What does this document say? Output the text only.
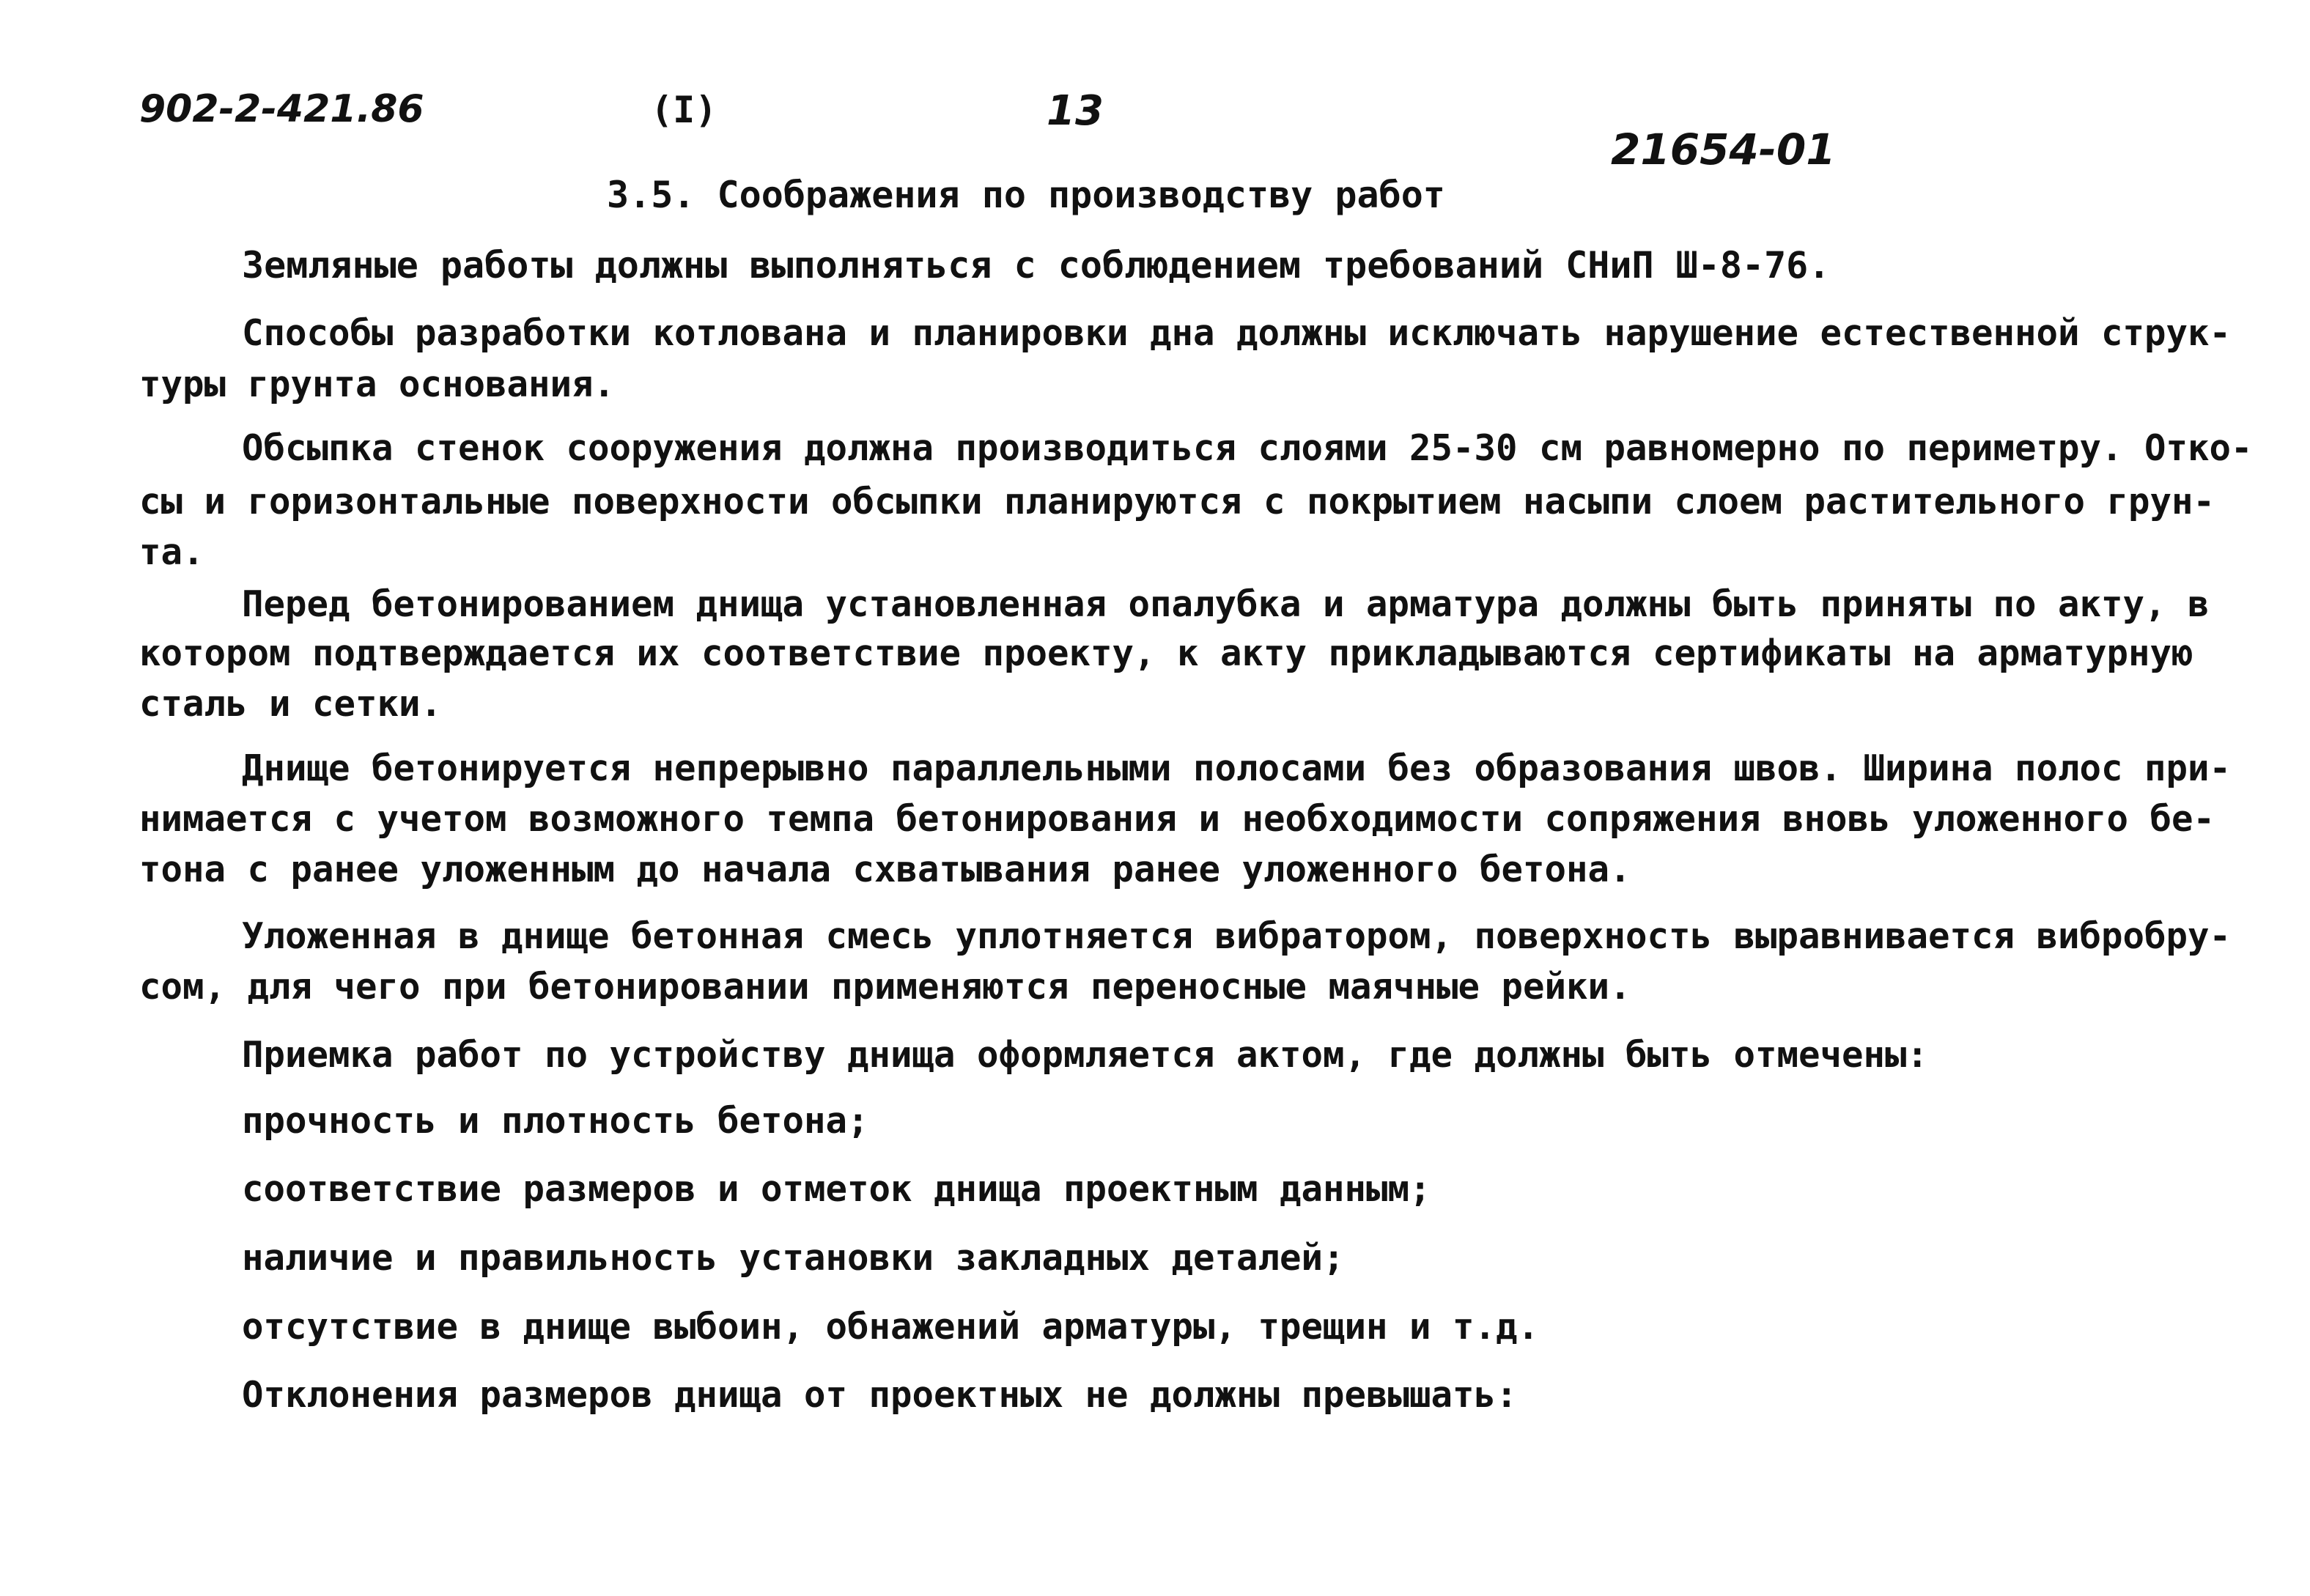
902-2-421.86	(I)	13
21654-01
3.5. Соображения по производству работ
Земляные работы должны выполняться с соблюдением требований СНиП Ш-8-76.
Способы разработки котлована и планировки дна должны исключать нарушение естественной струк-
туры грунта основания.
Обсыпка стенок сооружения должна производиться слоями 25-30 см равномерно по периметру. Отко-
сы и горизонтальные поверхности обсыпки планируются с покрытием насыпи слоем растительного грун-
та.
Перед бетонированием днища установленная опалубка и арматура должны быть приняты по акту, в
котором подтверждается их соответствие проекту, к акту прикладываются сертификаты на арматурную
сталь и сетки.
Днище бетонируется непрерывно параллельными полосами без образования швов. Ширина полос при-
нимается с учетом возможного темпа бетонирования и необходимости сопряжения вновь уложенного бе-
тона с ранее уложенным до начала схватывания ранее уложенного бетона.
Уложенная в днище бетонная смесь уплотняется вибратором, поверхность выравнивается вибробру-
сом, для чего при бетонировании применяются переносные маячные рейки.
Приемка работ по устройству днища оформляется актом, где должны быть отмечены:
прочность и плотность бетона;
соответствие размеров и отметок днища проектным данным;
наличие и правильность установки закладных деталей;
отсутствие в днище выбоин, обнажений арматуры, трещин и т.д.
Отклонения размеров днища от проектных не должны превышать:
